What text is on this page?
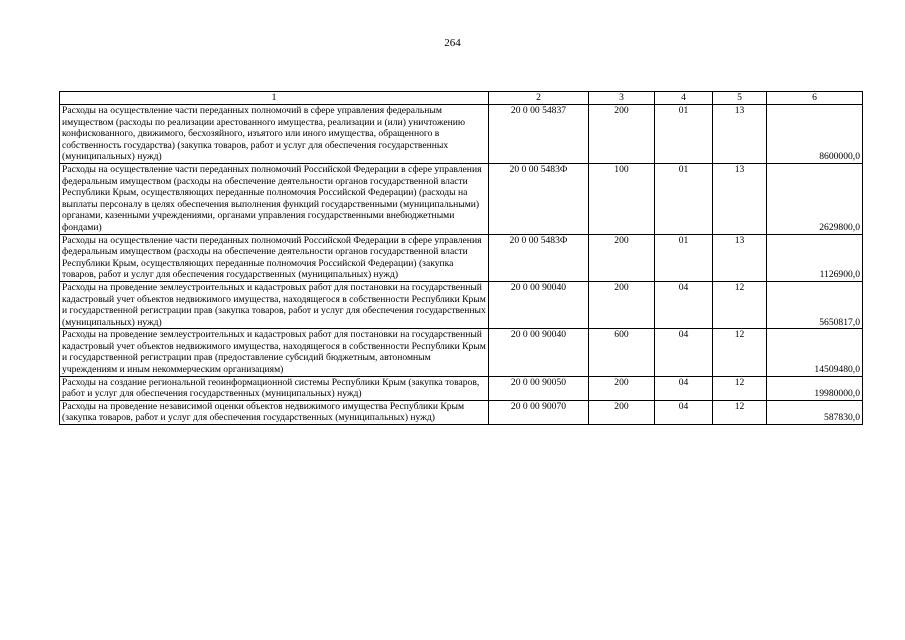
264
1	2	3	4	5	6
Расходы на осуществление части переданных полномочий в сфере управления федеральным имуществом (расходы по реализации арестованного имущества, реализации и (или) уничтожению конфискованного, движимого, бесхозяйного, изъятого или иного имущества, обращенного в собственность государства) (закупка товаров, работ и услуг для обеспечения государственных (муниципальных) нужд)	20 0 00 54837	200	01	13	8600000,0
Расходы на осуществление части переданных полномочий Российской Федерации в сфере управления федеральным имуществом (расходы на обеспечение деятельности органов государственной власти Республики Крым, осуществляющих переданные полномочия Российской Федерации) (расходы на выплаты персоналу в целях обеспечения выполнения функций государственными (муниципальными) органами, казенными учреждениями, органами управления государственными внебюджетными фондами)	20 0 00 5483Ф	100	01	13	2629800,0
Расходы на осуществление части переданных полномочий Российской Федерации в сфере управления федеральным имуществом (расходы на обеспечение деятельности органов государственной власти Республики Крым, осуществляющих переданные полномочия Российской Федерации) (закупка товаров, работ и услуг для обеспечения государственных (муниципальных) нужд)	20 0 00 5483Ф	200	01	13	1126900,0
Расходы на проведение землеустроительных и кадастровых работ для постановки на государственный кадастровый учет объектов недвижимого имущества, находящегося в собственности Республики Крым и государственной регистрации прав (закупка товаров, работ и услуг для обеспечения государственных (муниципальных) нужд)	20 0 00 90040	200	04	12	5650817,0
Расходы на проведение землеустроительных и кадастровых работ для постановки на государственный кадастровый учет объектов недвижимого имущества, находящегося в собственности Республики Крым и государственной регистрации прав (предоставление субсидий бюджетным, автономным учреждениям и иным некоммерческим организациям)	20 0 00 90040	600	04	12	14509480,0
Расходы на создание региональной геоинформационной системы Республики Крым (закупка товаров, работ и услуг для обеспечения государственных (муниципальных) нужд)	20 0 00 90050	200	04	12	19980000,0
Расходы на проведение независимой оценки объектов недвижимого имущества Республики Крым (закупка товаров, работ и услуг для обеспечения государственных (муниципальных) нужд)	20 0 00 90070	200	04	12	587830,0
